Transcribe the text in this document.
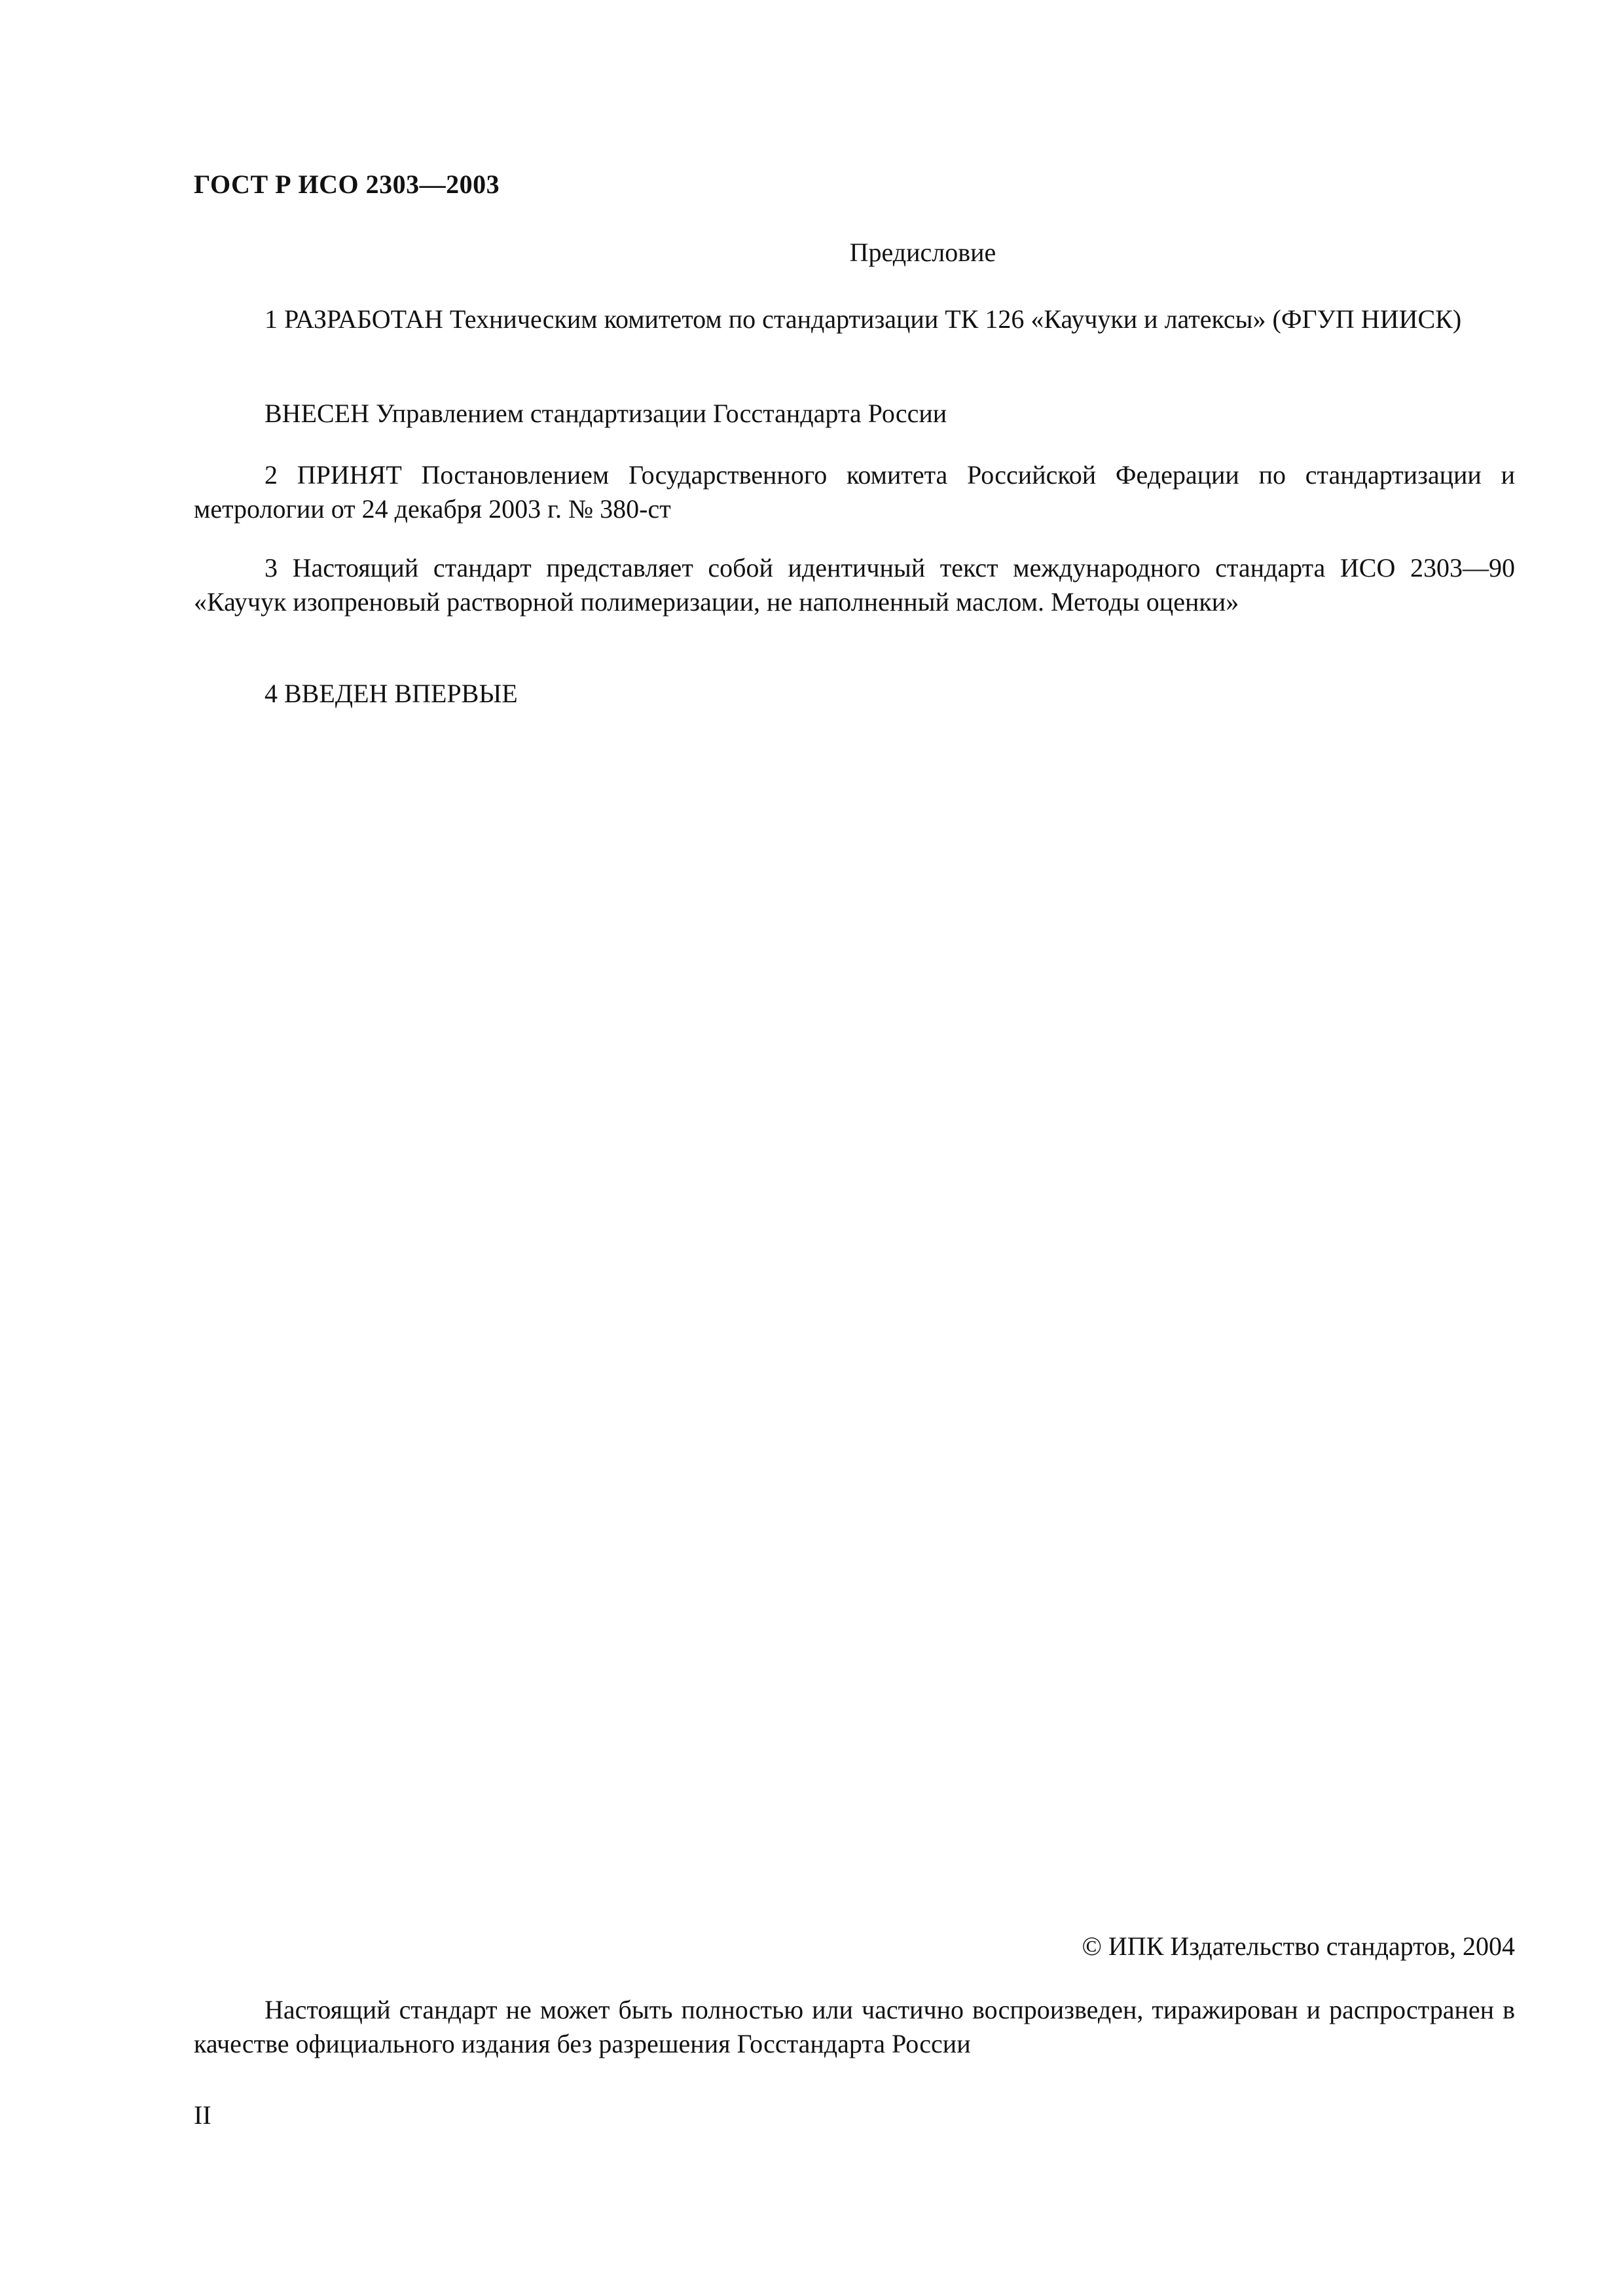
ГОСТ Р ИСО 2303—2003
Предисловие
1 РАЗРАБОТАН Техническим комитетом по стандартизации ТК 126 «Каучуки и латексы» (ФГУП НИИСК)
ВНЕСЕН Управлением стандартизации Госстандарта России
2 ПРИНЯТ Постановлением Государственного комитета Российской Федерации по стандартизации и метрологии от 24 декабря 2003 г. № 380-ст
3 Настоящий стандарт представляет собой идентичный текст международного стандарта ИСО 2303—90 «Каучук изопреновый растворной полимеризации, не наполненный маслом. Методы оценки»
4 ВВЕДЕН ВПЕРВЫЕ
© ИПК Издательство стандартов, 2004
Настоящий стандарт не может быть полностью или частично воспроизведен, тиражирован и распространен в качестве официального издания без разрешения Госстандарта России
II
